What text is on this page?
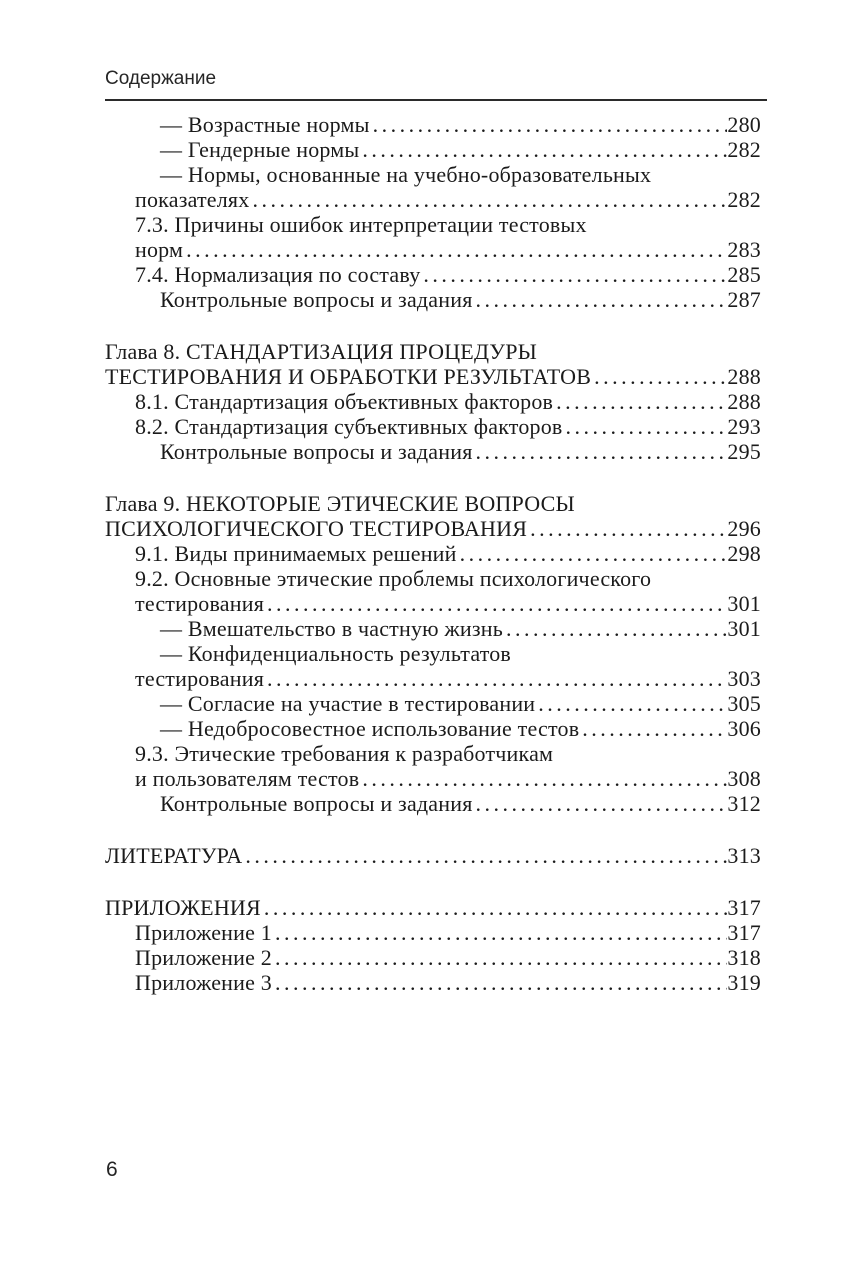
Содержание
— Возрастные нормы .....	280
— Гендерные нормы .....	282
— Нормы, основанные на учебно-образовательных
показателях .....	282
7.3. Причины ошибок интерпретации тестовых
норм .....	283
7.4. Нормализация по составу .....	285
Контрольные вопросы и задания .....	287
Глава 8. СТАНДАРТИЗАЦИЯ ПРОЦЕДУРЫ
ТЕСТИРОВАНИЯ И ОБРАБОТКИ РЕЗУЛЬТАТОВ .....	288
8.1. Стандартизация объективных факторов .....	288
8.2. Стандартизация субъективных факторов .....	293
Контрольные вопросы и задания .....	295
Глава 9. НЕКОТОРЫЕ ЭТИЧЕСКИЕ ВОПРОСЫ
ПСИХОЛОГИЧЕСКОГО ТЕСТИРОВАНИЯ .....	296
9.1. Виды принимаемых решений .....	298
9.2. Основные этические проблемы психологического
тестирования .....	301
— Вмешательство в частную жизнь .....	301
— Конфиденциальность результатов
тестирования .....	303
— Согласие на участие в тестировании .....	305
— Недобросовестное использование тестов .....	306
9.3. Этические требования к разработчикам
и пользователям тестов .....	308
Контрольные вопросы и задания .....	312
ЛИТЕРАТУРА .....	313
ПРИЛОЖЕНИЯ .....	317
Приложение 1 .....	317
Приложение 2 .....	318
Приложение 3 .....	319
6
